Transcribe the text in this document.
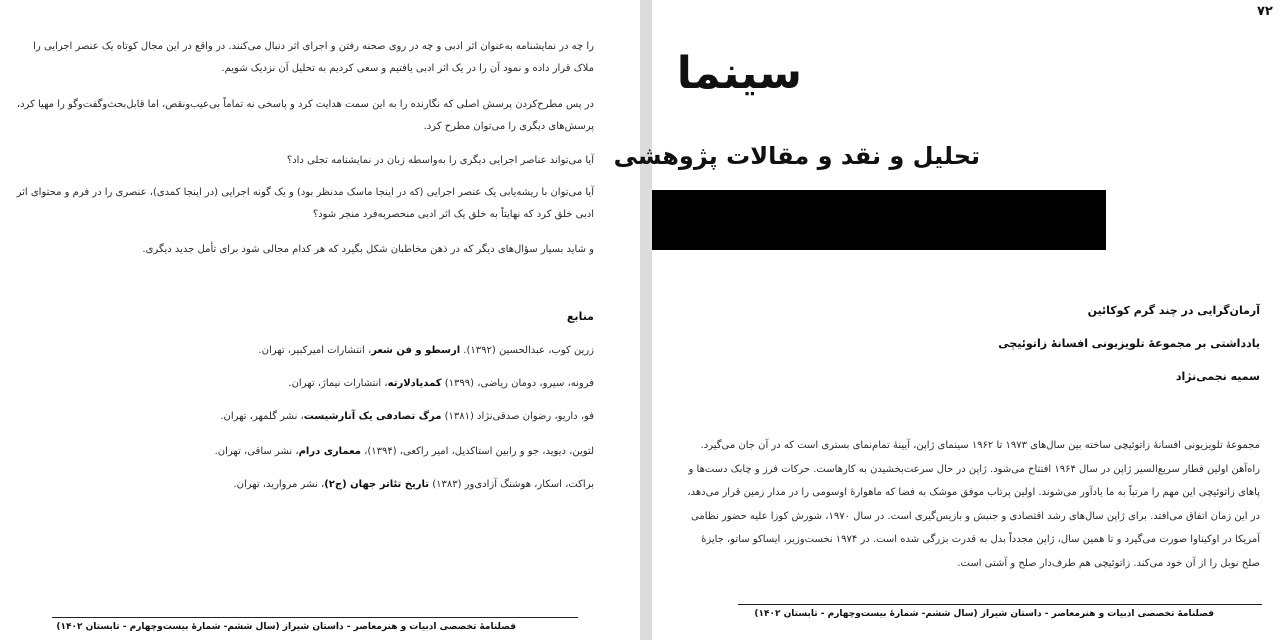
را چه در نمایشنامه به‌عنوان اثر ادبی و چه در روی صحنه رفتن و اجرای اثر دنبال می‌کنند. در واقع در این مجال کوتاه یک عنصر اجرایی را ملاک قرار داده و نمود آن را در یک اثر ادبی یافتیم و سعی کردیم به تحلیل آن نزدیک شویم.

در پس مطرح‌کردن پرسش اصلی که نگارنده را به این سمت هدایت کرد و پاسخی نه تماماً بی‌عیب‌ونقص، اما قابل‌بحث‌وگفت‌وگو را مهیا کرد، پرسش‌های دیگری را می‌توان مطرح کرد.

آیا می‌تواند عناصر اجرایی دیگری را به‌واسطه زبان در نمایشنامه تجلی داد؟

آیا می‌توان با ریشه‌یابی یک عنصر اجرایی (که در اینجا ماسک مدنظر بود) و یک گونه اجرایی (در اینجا کمدی)، عنصری را در فرم و محتوای اثر ادبی خلق کرد که نهایتاً به خلق یک اثر ادبی منحصربه‌فرد منجر شود؟

و شاید بسیار سؤال‌های دیگر که در ذهن مخاطبان شکل بگیرد که هر کدام مجالی شود برای تأمل جدید دیگری.

منابع

زرین کوب، عبدالحسین (۱۳۹۲). ارسطو و فن شعر، انتشارات امیرکبیر، تهران.

فرونه، سیرو، دومان ریاضی، (۱۳۹۹) کمدیادلارته، انتشارات نیماژ، تهران.

فو، داریو، رضوان صدقی‌نژاد (۱۳۸۱) مرگ تصادفی یک آنارشیست، نشر گلمهر، تهران.

لتوین، دیوید، جو و رابین استاکدیل، امیر راکعی، (۱۳۹۴)، معماری درام، نشر ساقی، تهران.

براکت، اسکار، هوشنگ آزادی‌ور (۱۳۸۳) تاریخ تئاتر جهان (ج۲)، نشر مروارید، تهران.

فصلنامهٔ تخصصی ادبیات و هنرمعاصر - داستان شیراز (سال ششم- شمارهٔ بیست‌وچهارم - تابستان ۱۴۰۲)

۷۲
سینما
تحلیل و نقد و مقالات پژوهشی

آرمان‌گرایی در چند گرم کوکائین

یادداشتی بر مجموعهٔ تلویزیونی افسانهٔ زاتوئیچی

سمیه نجمی‌نژاد

مجموعهٔ تلویزیونی افسانهٔ زاتوئیچی ساخته بین سال‌های ۱۹۷۳ تا ۱۹۶۲ سینمای ژاپن، آیینهٔ تمام‌نمای بستری است که در آن جان می‌گیرد. راه‌آهن اولین قطار سریع‌السیر ژاپن در سال ۱۹۶۴ افتتاح می‌شود. ژاپن در حال سرعت‌بخشیدن به کارهاست. حرکات فرز و چابک دست‌ها و پاهای زاتوئیچی این مهم را مرتباً به ما یادآور می‌شوند. اولین پرتاب موفق موشک به فضا که ماهوارهٔ اوسومی را در مدار زمین قرار می‌دهد، در این زمان اتفاق می‌افتد. برای ژاپن سال‌های رشد اقتصادی و جنبش و بازیس‌گیری است. در سال ۱۹۷۰، شورش کوزا علیه حضور نظامی آمریکا در اوکیناوا صورت می‌گیرد و تا همین سال، ژاپن مجدداً بدل به قدرت بزرگی شده است. در ۱۹۷۴ نخست‌وزیر، ایساکو ساتو، جایزهٔ صلح نوبل را از آن خود می‌کند. زاتوئیچی هم طرف‌دار صلح و آشتی است.

فصلنامهٔ تخصصی ادبیات و هنرمعاصر - داستان شیراز (سال ششم- شمارهٔ بیست‌وچهارم - تابستان ۱۴۰۲)
